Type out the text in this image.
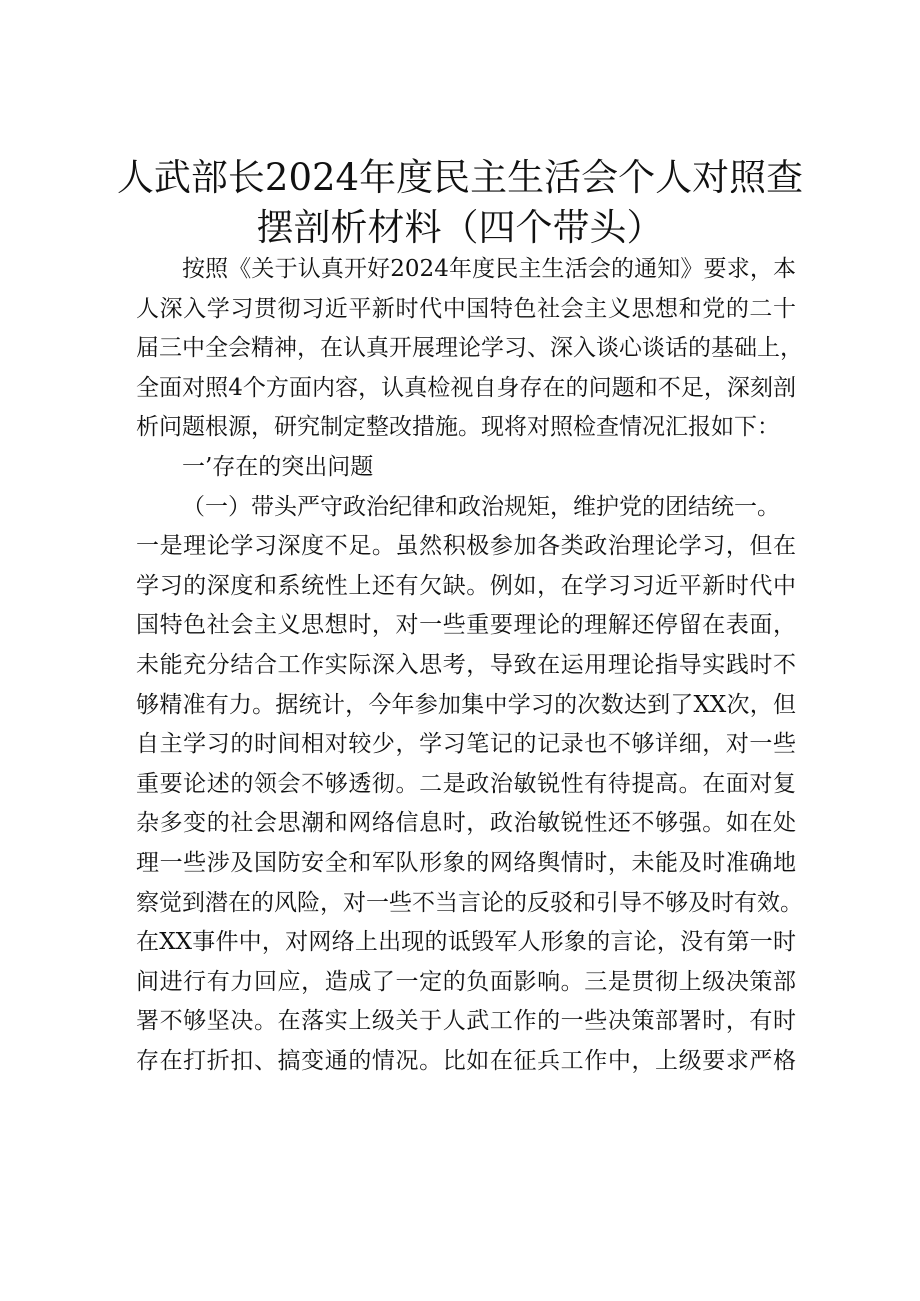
人武部长2024年度民主生活会个人对照查
摆剖析材料（四个带头）
按照《关于认真开好2024年度民主生活会的通知》要求，本
人深入学习贯彻习近平新时代中国特色社会主义思想和党的二十
届三中全会精神，在认真开展理论学习、深入谈心谈话的基础上，
全面对照4个方面内容，认真检视自身存在的问题和不足，深刻剖
析问题根源，研究制定整改措施。现将对照检查情况汇报如下：
一’存在的突出问题
（一）带头严守政治纪律和政治规矩，维护党的团结统一。
一是理论学习深度不足。虽然积极参加各类政治理论学习，但在
学习的深度和系统性上还有欠缺。例如，在学习习近平新时代中
国特色社会主义思想时，对一些重要理论的理解还停留在表面，
未能充分结合工作实际深入思考，导致在运用理论指导实践时不
够精准有力。据统计，今年参加集中学习的次数达到了XX次，但
自主学习的时间相对较少，学习笔记的记录也不够详细，对一些
重要论述的领会不够透彻。二是政治敏锐性有待提高。在面对复
杂多变的社会思潮和网络信息时，政治敏锐性还不够强。如在处
理一些涉及国防安全和军队形象的网络舆情时，未能及时准确地
察觉到潜在的风险，对一些不当言论的反驳和引导不够及时有效。
在XX事件中，对网络上出现的诋毁军人形象的言论，没有第一时
间进行有力回应，造成了一定的负面影响。三是贯彻上级决策部
署不够坚决。在落实上级关于人武工作的一些决策部署时，有时
存在打折扣、搞变通的情况。比如在征兵工作中，上级要求严格
